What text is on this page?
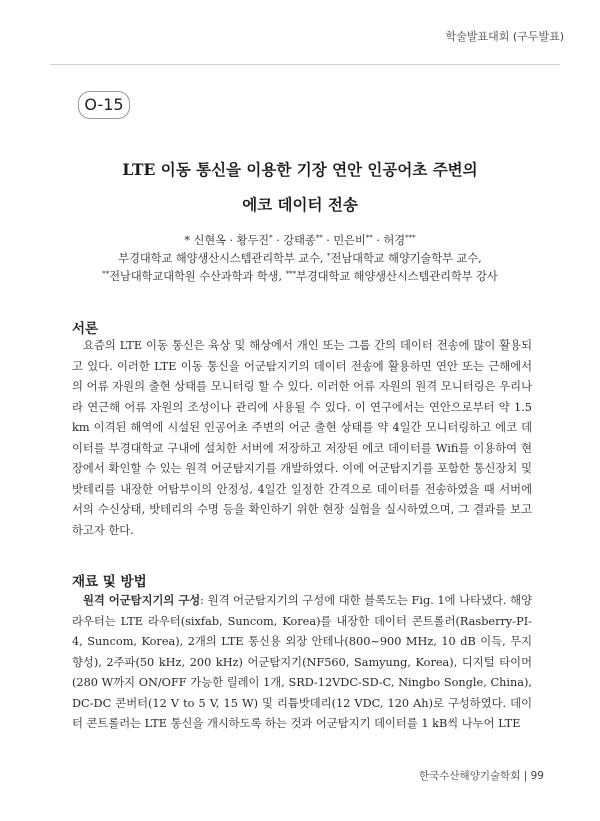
학술발표대회 (구두발표)
O-15
LTE 이동 통신을 이용한 기장 연안 인공어초 주변의
에코 데이터 전송
* 신현옥 · 황두진* · 강태종** · 민은비** · 허경***
부경대학교 해양생산시스템관리학부 교수, *전남대학교 해양기술학부 교수,
**전남대학교대학원 수산과학과 학생, ***부경대학교 해양생산시스템관리학부 강사
서론

요즘의 LTE 이동 통신은 육상 및 해상에서 개인 또는 그룹 간의 데이터 전송에 많이 활용되고 있다. 이러한 LTE 이동 통신을 어군탐지기의 데이터 전송에 활용하면 연안 또는 근해에서의 어류 자원의 출현 상태를 모니터링 할 수 있다. 이러한 어류 자원의 원격 모니터링은 우리나라 연근해 어류 자원의 조성이나 관리에 사용될 수 있다. 이 연구에서는 연안으로부터 약 1.5 km 이격된 해역에 시설된 인공어초 주변의 어군 출현 상태를 약 4일간 모니터링하고 에코 데이터를 부경대학교 구내에 설치한 서버에 저장하고 저장된 에코 데이터를 Wifi를 이용하여 현장에서 확인할 수 있는 원격 어군탐지기를 개발하였다. 이에 어군탐지기를 포함한 통신장치 및 밧테리를 내장한 어탐부이의 안정성, 4일간 일정한 간격으로 데이터를 전송하였을 때 서버에서의 수신상태, 밧테리의 수명 등을 확인하기 위한 현장 실험을 실시하였으며, 그 결과를 보고하고자 한다.

재료 및 방법

원격 어군탐지기의 구성: 원격 어군탐지기의 구성에 대한 블록도는 Fig. 1에 나타냈다. 해양 라우터는 LTE 라우터(sixfab, Suncom, Korea)를 내장한 데이터 콘트롤러(Rasberry-PI-4, Suncom, Korea), 2개의 LTE 통신용 외장 안테나(800~900 MHz, 10 dB 이득, 무지향성), 2주파(50 kHz, 200 kHz) 어군탐지기(NF560, Samyung, Korea), 디지털 타이머 (280 W까지 ON/OFF 가능한 릴레이 1개, SRD-12VDC-SD-C, Ningbo Songle, China), DC-DC 콘버터(12 V to 5 V, 15 W) 및 리튬밧데리(12 VDC, 120 Ah)로 구성하였다. 데이터 콘트롤러는 LTE 통신을 개시하도록 하는 것과 어군탐지기 데이터를 1 kB씩 나누어 LTE

한국수산해양기술학회 | 99
